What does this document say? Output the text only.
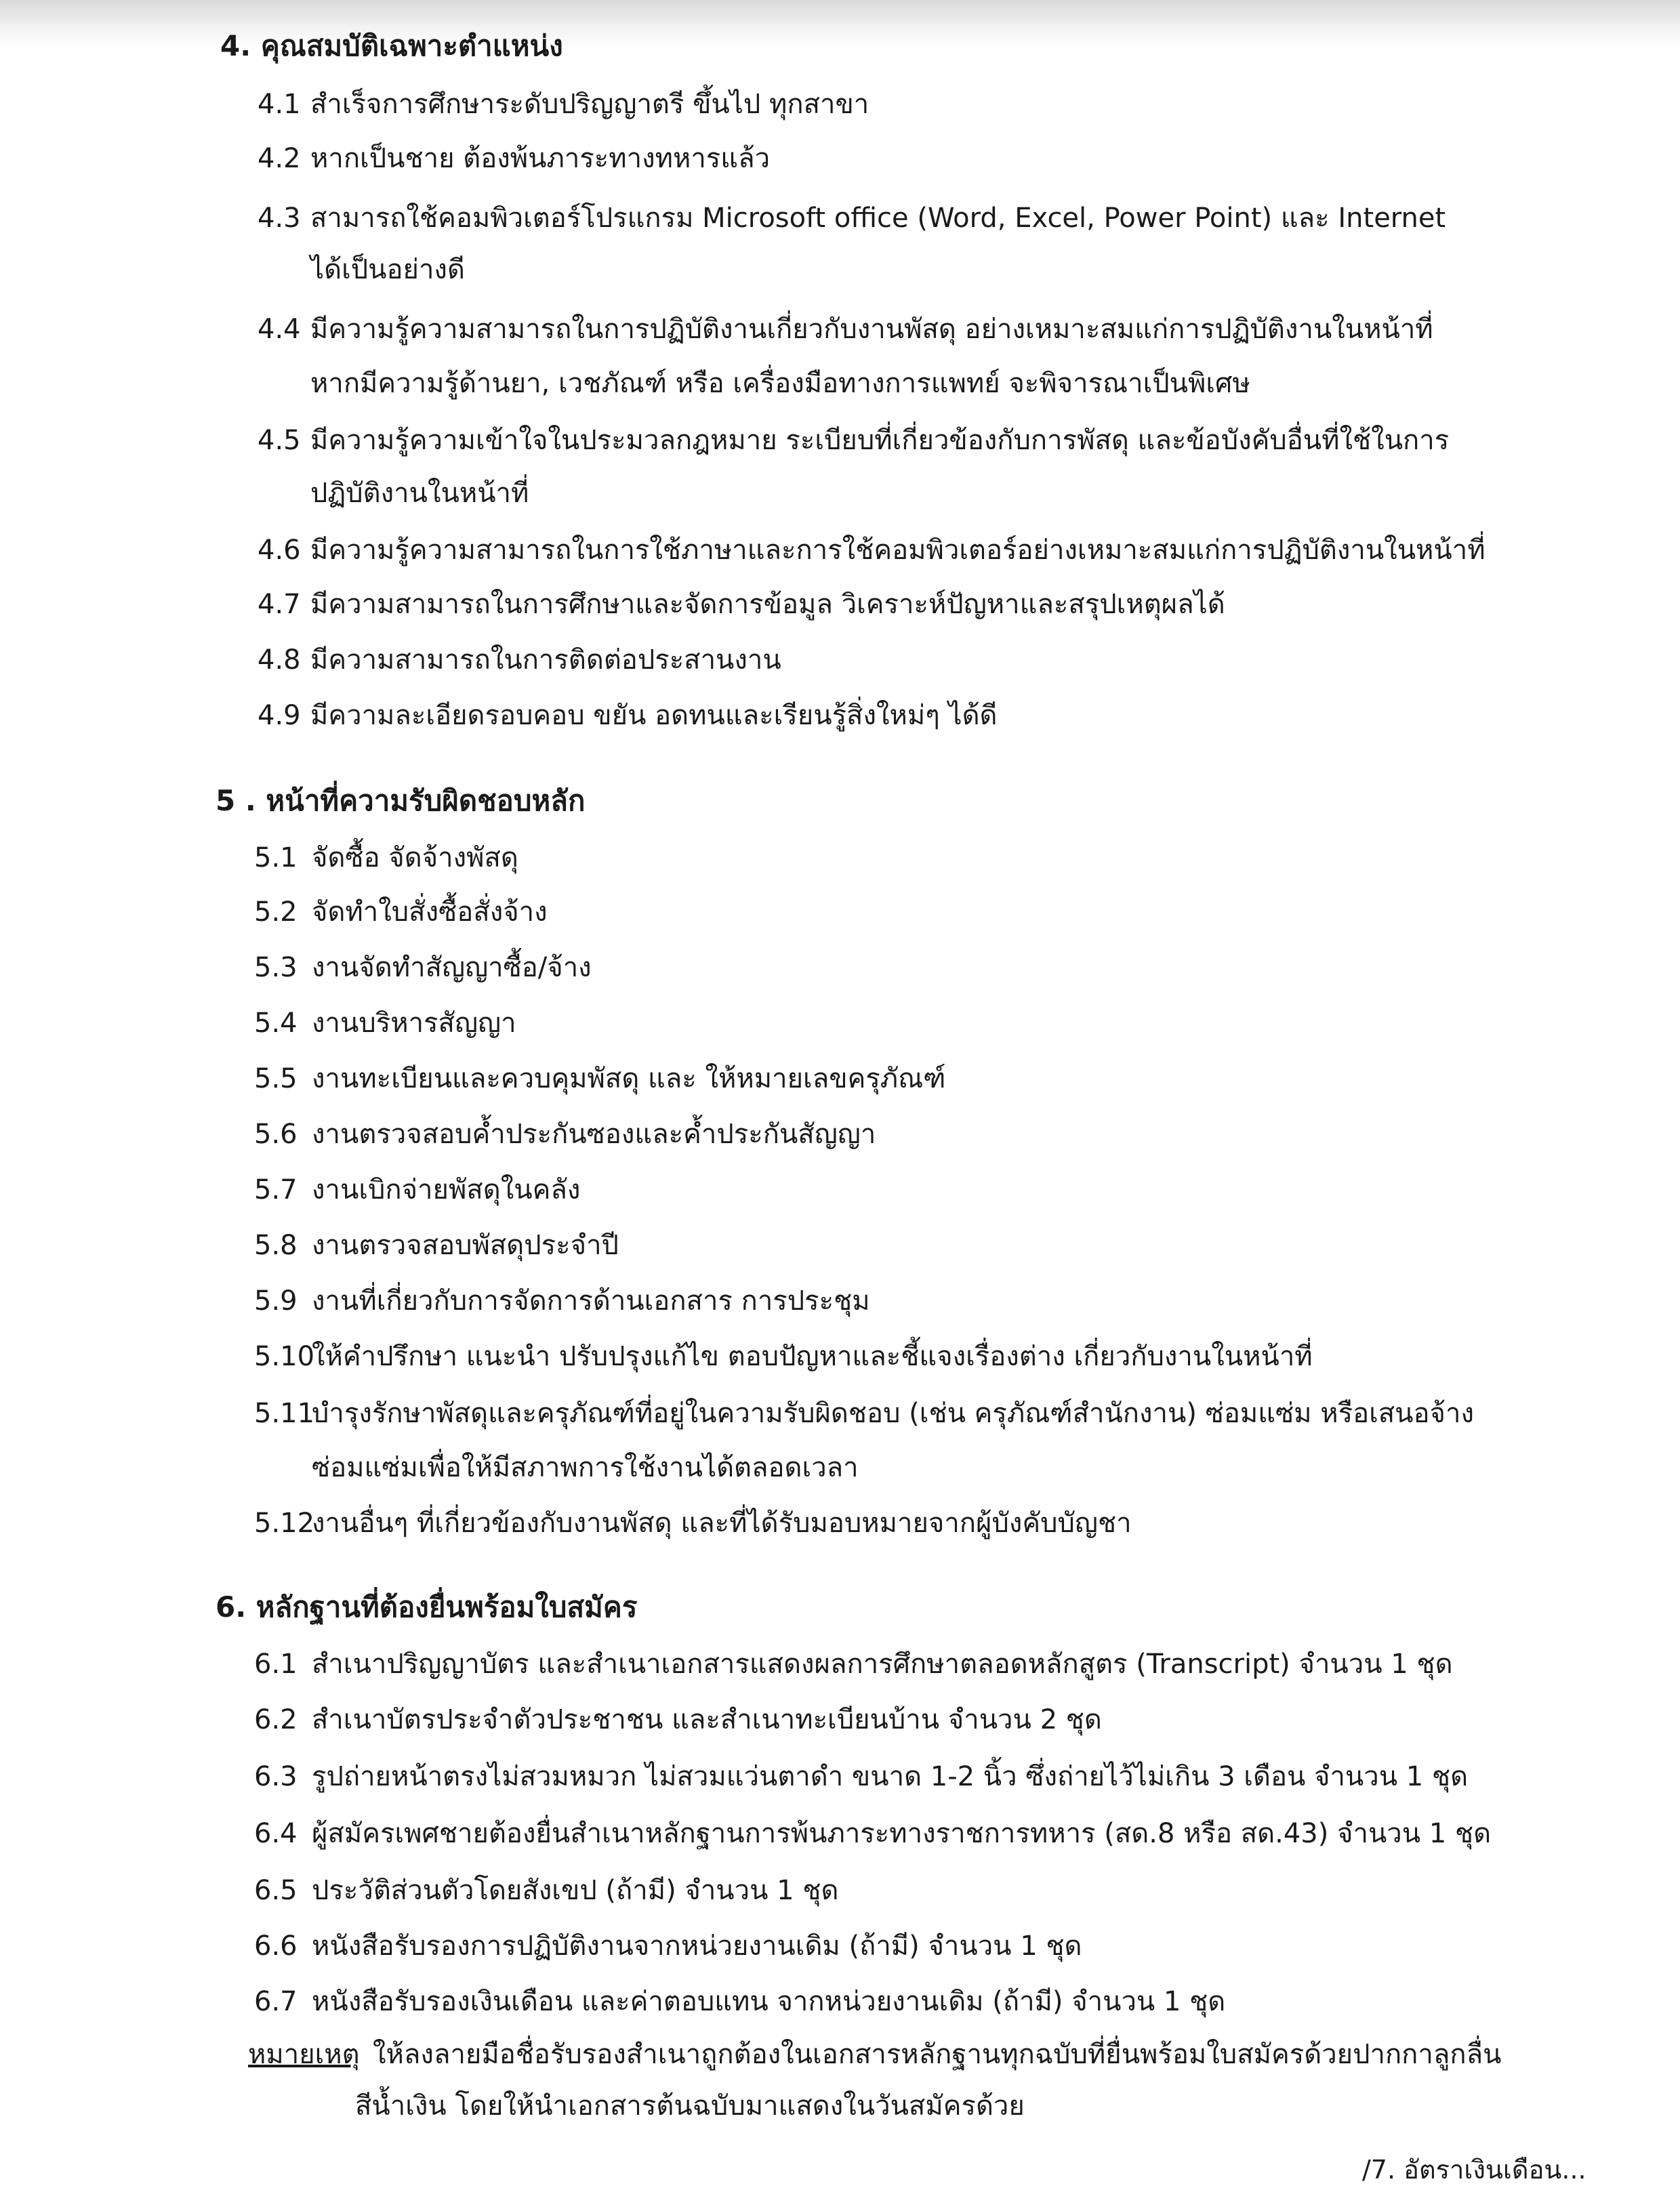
4. คุณสมบัติเฉพาะตำแหน่ง
4.1 สำเร็จการศึกษาระดับปริญญาตรี ขึ้นไป ทุกสาขา
4.2 หากเป็นชาย ต้องพ้นภาระทางทหารแล้ว
4.3 สามารถใช้คอมพิวเตอร์โปรแกรม Microsoft office (Word, Excel, Power Point) และ Internet
ได้เป็นอย่างดี
4.4 มีความรู้ความสามารถในการปฏิบัติงานเกี่ยวกับงานพัสดุ อย่างเหมาะสมแก่การปฏิบัติงานในหน้าที่
หากมีความรู้ด้านยา, เวชภัณฑ์ หรือ เครื่องมือทางการแพทย์ จะพิจารณาเป็นพิเศษ
4.5 มีความรู้ความเข้าใจในประมวลกฎหมาย ระเบียบที่เกี่ยวข้องกับการพัสดุ และข้อบังคับอื่นที่ใช้ในการ
ปฏิบัติงานในหน้าที่
4.6 มีความรู้ความสามารถในการใช้ภาษาและการใช้คอมพิวเตอร์อย่างเหมาะสมแก่การปฏิบัติงานในหน้าที่
4.7 มีความสามารถในการศึกษาและจัดการข้อมูล วิเคราะห์ปัญหาและสรุปเหตุผลได้
4.8 มีความสามารถในการติดต่อประสานงาน
4.9 มีความละเอียดรอบคอบ ขยัน อดทนและเรียนรู้สิ่งใหม่ๆ ได้ดี
5 . หน้าที่ความรับผิดชอบหลัก
5.1 จัดซื้อ จัดจ้างพัสดุ
5.2 จัดทำใบสั่งซื้อสั่งจ้าง
5.3 งานจัดทำสัญญาซื้อ/จ้าง
5.4 งานบริหารสัญญา
5.5 งานทะเบียนและควบคุมพัสดุ และ ให้หมายเลขครุภัณฑ์
5.6 งานตรวจสอบค้ำประกันซองและค้ำประกันสัญญา
5.7 งานเบิกจ่ายพัสดุในคลัง
5.8 งานตรวจสอบพัสดุประจำปี
5.9 งานที่เกี่ยวกับการจัดการด้านเอกสาร การประชุม
5.10ให้คำปรึกษา แนะนำ ปรับปรุงแก้ไข ตอบปัญหาและชี้แจงเรื่องต่าง เกี่ยวกับงานในหน้าที่
5.11บำรุงรักษาพัสดุและครุภัณฑ์ที่อยู่ในความรับผิดชอบ (เช่น ครุภัณฑ์สำนักงาน) ซ่อมแซ่ม หรือเสนอจ้าง
ซ่อมแซ่มเพื่อให้มีสภาพการใช้งานได้ตลอดเวลา
5.12งานอื่นๆ ที่เกี่ยวข้องกับงานพัสดุ และที่ได้รับมอบหมายจากผู้บังคับบัญชา
6. หลักฐานที่ต้องยื่นพร้อมใบสมัคร
6.1 สำเนาปริญญาบัตร และสำเนาเอกสารแสดงผลการศึกษาตลอดหลักสูตร (Transcript) จำนวน 1 ชุด
6.2 สำเนาบัตรประจำตัวประชาชน และสำเนาทะเบียนบ้าน จำนวน 2 ชุด
6.3 รูปถ่ายหน้าตรงไม่สวมหมวก ไม่สวมแว่นตาดำ ขนาด 1-2 นิ้ว ซึ่งถ่ายไว้ไม่เกิน 3 เดือน จำนวน 1 ชุด
6.4 ผู้สมัครเพศชายต้องยื่นสำเนาหลักฐานการพ้นภาระทางราชการทหาร (สด.8 หรือ สด.43) จำนวน 1 ชุด
6.5 ประวัติส่วนตัวโดยสังเขป (ถ้ามี) จำนวน 1 ชุด
6.6 หนังสือรับรองการปฏิบัติงานจากหน่วยงานเดิม (ถ้ามี) จำนวน 1 ชุด
6.7 หนังสือรับรองเงินเดือน และค่าตอบแทน จากหน่วยงานเดิม (ถ้ามี) จำนวน 1 ชุด
หมายเหตุ ให้ลงลายมือชื่อรับรองสำเนาถูกต้องในเอกสารหลักฐานทุกฉบับที่ยื่นพร้อมใบสมัครด้วยปากกาลูกลื่น
สีน้ำเงิน โดยให้นำเอกสารต้นฉบับมาแสดงในวันสมัครด้วย
/7. อัตราเงินเดือน...
